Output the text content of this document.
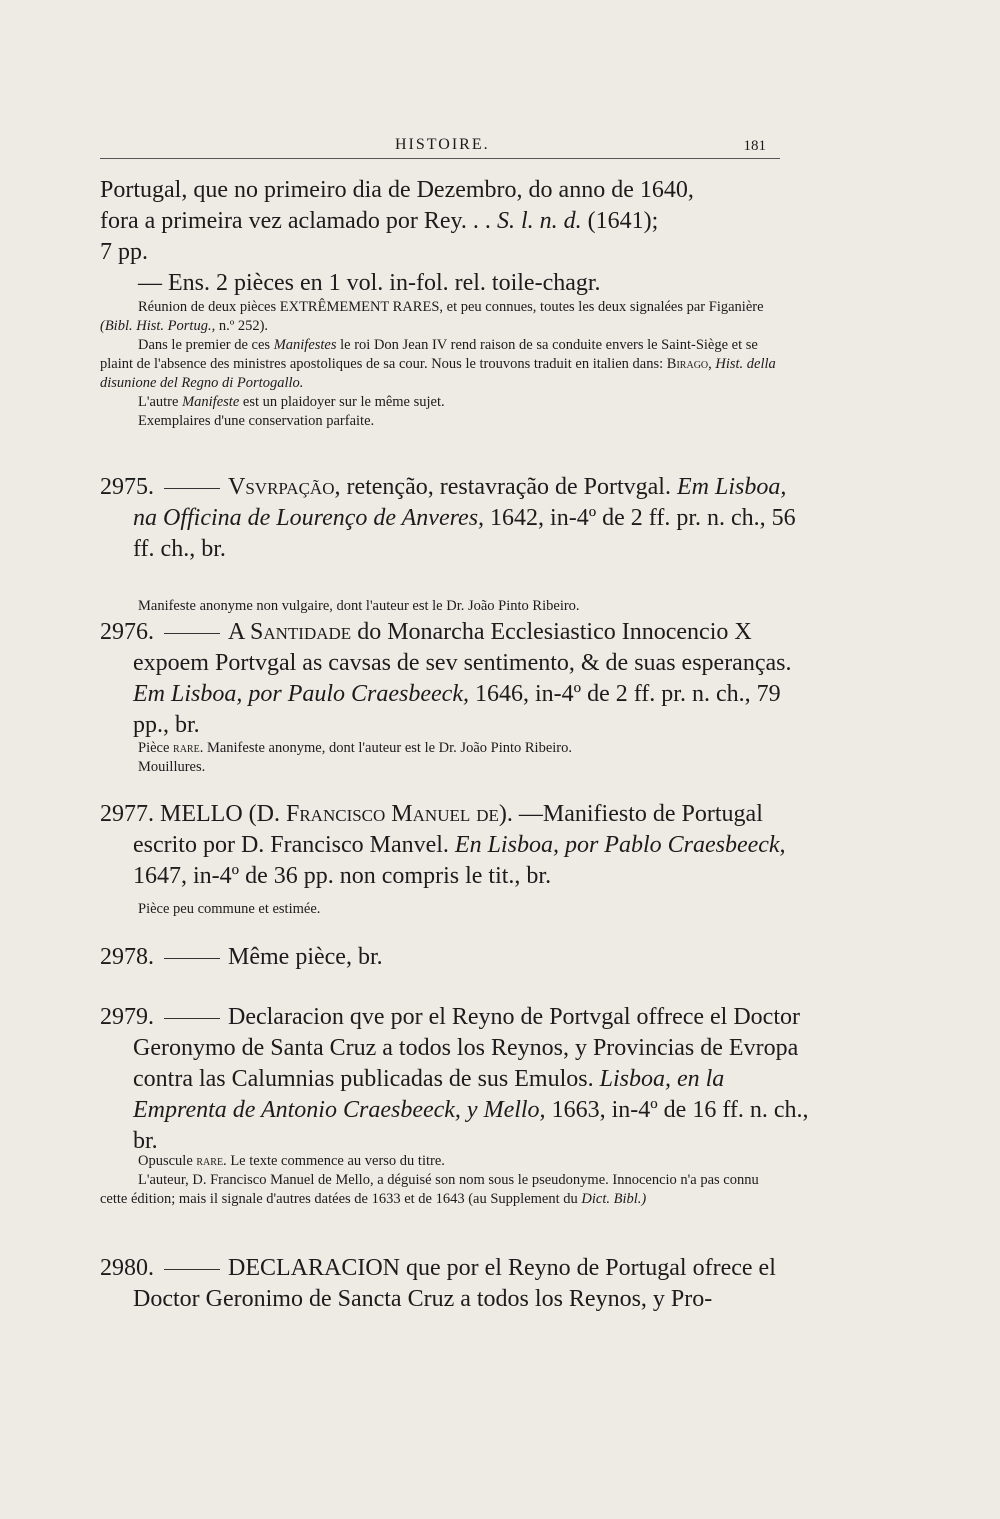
HISTOIRE.	181

Portugal, que no primeiro dia de Dezembro, do anno de 1640,

fora a primeira vez aclamado por Rey. . . S. l. n. d. (1641);

7 pp.

— Ens. 2 pièces en 1 vol. in-fol. rel. toile-chagr.

Réunion de deux pièces EXTRÊMEMENT RARES, et peu connues, toutes les deux signalées par Figanière (Bibl. Hist. Portug., n.º 252).

Dans le premier de ces Manifestes le roi Don Jean IV rend raison de sa conduite envers le Saint-Siège et se plaint de l'absence des ministres apostoliques de sa cour. Nous le trouvons traduit en italien dans: Birago, Hist. della disunione del Regno di Portogallo.

L'autre Manifeste est un plaidoyer sur le même sujet.

Exemplaires d'une conservation parfaite.

2975.	Vsvrpação, retenção, restavração de Portvgal. Em Lisboa, na Officina de Lourenço de Anveres, 1642, in-4º de 2 ff. pr. n. ch., 56 ff. ch., br.

Manifeste anonyme non vulgaire, dont l'auteur est le Dr. João Pinto Ribeiro.

2976.	A Santidade do Monarcha Ecclesiastico Innocencio X expoem Portvgal as cavsas de sev sentimento, & de suas esperanças. Em Lisboa, por Paulo Craesbeeck, 1646, in-4º de 2 ff. pr. n. ch., 79 pp., br.

Pièce rare. Manifeste anonyme, dont l'auteur est le Dr. João Pinto Ribeiro.

Mouillures.

2977. MELLO (D. Francisco Manuel de). —Manifiesto de Portugal escrito por D. Francisco Manvel. En Lisboa, por Pablo Craesbeeck, 1647, in-4º de 36 pp. non compris le tit., br.

Pièce peu commune et estimée.

2978.	Même pièce, br.

2979.	Declaracion qve por el Reyno de Portvgal offrece el Doctor Geronymo de Santa Cruz a todos los Reynos, y Provincias de Evropa contra las Calumnias publicadas de sus Emulos. Lisboa, en la Emprenta de Antonio Craesbeeck, y Mello, 1663, in-4º de 16 ff. n. ch., br.

Opuscule rare. Le texte commence au verso du titre.

L'auteur, D. Francisco Manuel de Mello, a déguisé son nom sous le pseudonyme. Innocencio n'a pas connu cette édition; mais il signale d'autres datées de 1633 et de 1643 (au Supplement du Dict. Bibl.)

2980.	DECLARACION que por el Reyno de Portugal ofrece el Doctor Geronimo de Sancta Cruz a todos los Reynos, y Pro-
